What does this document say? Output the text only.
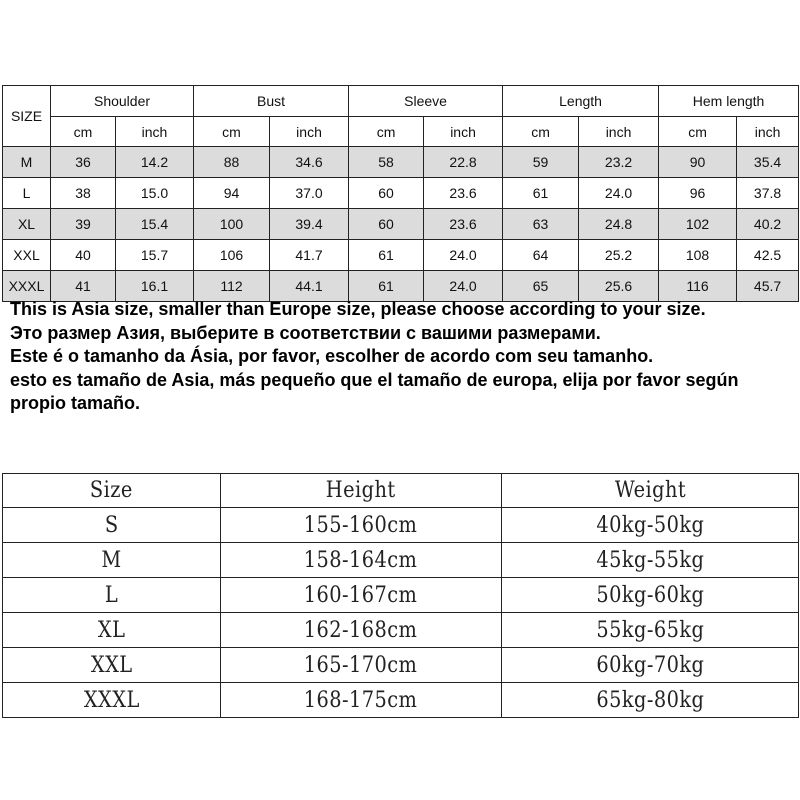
SIZE	Shoulder		Bust		Sleeve		Length		Hem length	
	cm	inch	cm	inch	cm	inch	cm	inch	cm	inch
M	36	14.2	88	34.6	58	22.8	59	23.2	90	35.4
L	38	15.0	94	37.0	60	23.6	61	24.0	96	37.8
XL	39	15.4	100	39.4	60	23.6	63	24.8	102	40.2
XXL	40	15.7	106	41.7	61	24.0	64	25.2	108	42.5
XXXL	41	16.1	112	44.1	61	24.0	65	25.6	116	45.7

This is Asia size, smaller than Europe size, please choose according to your size.

Это размер Азия, выберите в соответствии с вашими размерами.

Este é o tamanho da Ásia, por favor, escolher de acordo com seu tamanho.

esto es tamaño de Asia, más pequeño que el tamaño de europa, elija por favor según propio tamaño.

Size	Height	Weight
S	155-160cm	40kg-50kg
M	158-164cm	45kg-55kg
L	160-167cm	50kg-60kg
XL	162-168cm	55kg-65kg
XXL	165-170cm	60kg-70kg
XXXL	168-175cm	65kg-80kg
